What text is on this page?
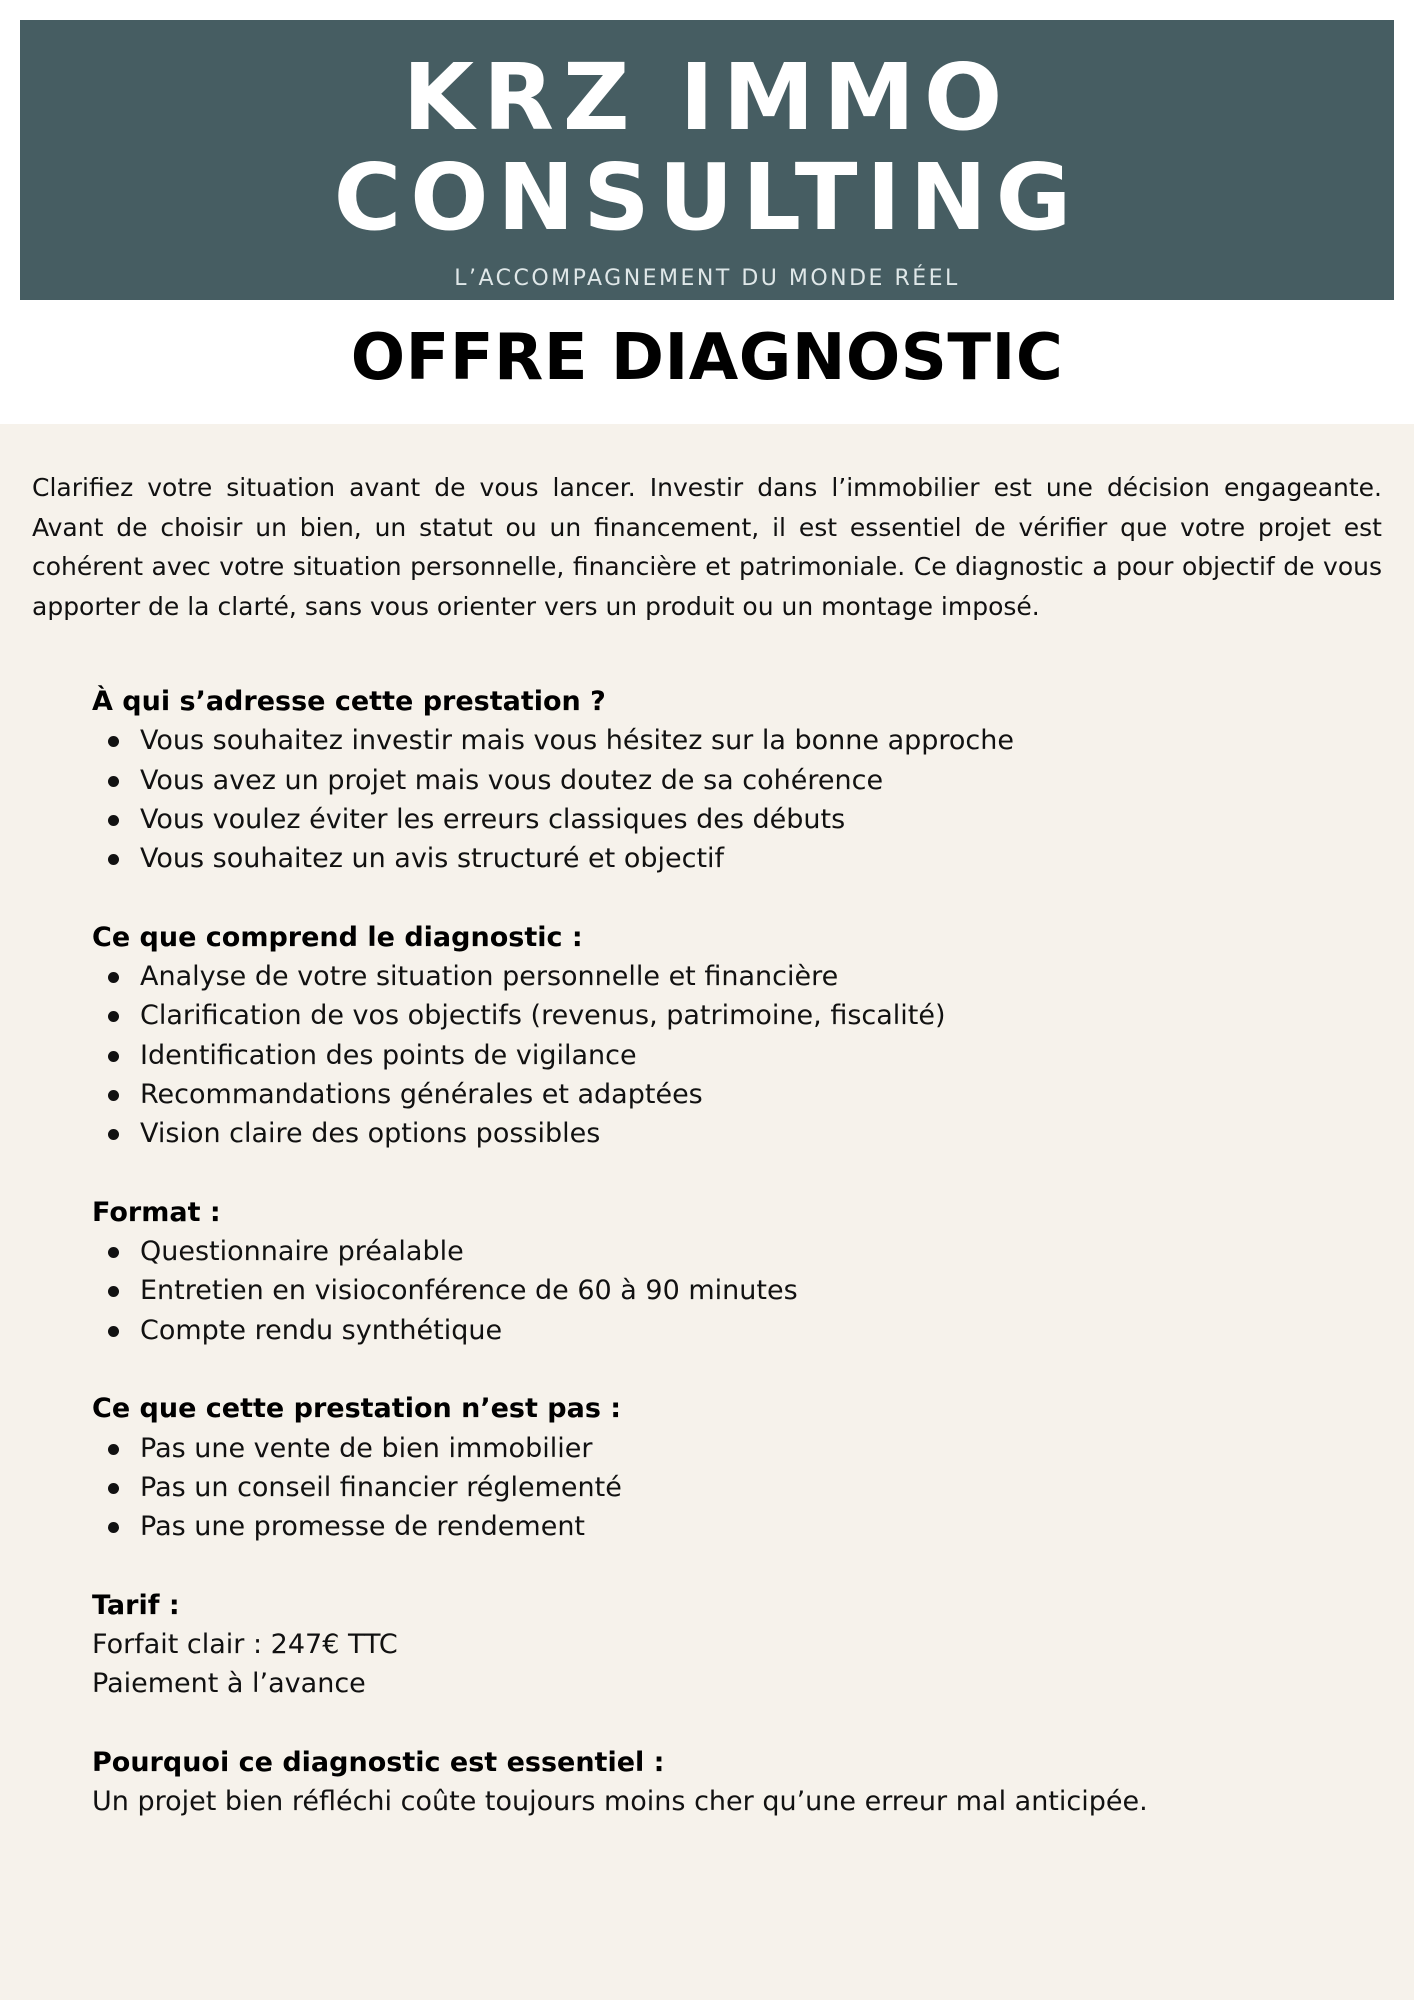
KRZ IMMO
CONSULTING
L’ACCOMPAGNEMENT DU MONDE RÉEL
OFFRE DIAGNOSTIC

Clarifiez votre situation avant de vous lancer. Investir dans l’immobilier est une décision engageante. Avant de choisir un bien, un statut ou un financement, il est essentiel de vérifier que votre projet est cohérent avec votre situation personnelle, financière et patrimoniale. Ce diagnostic a pour objectif de vous apporter de la clarté, sans vous orienter vers un produit ou un montage imposé.

À qui s’adresse cette prestation ?
Vous souhaitez investir mais vous hésitez sur la bonne approche
Vous avez un projet mais vous doutez de sa cohérence
Vous voulez éviter les erreurs classiques des débuts
Vous souhaitez un avis structuré et objectif
Ce que comprend le diagnostic :
Analyse de votre situation personnelle et financière
Clarification de vos objectifs (revenus, patrimoine, fiscalité)
Identification des points de vigilance
Recommandations générales et adaptées
Vision claire des options possibles
Format :
Questionnaire préalable
Entretien en visioconférence de 60 à 90 minutes
Compte rendu synthétique
Ce que cette prestation n’est pas :
Pas une vente de bien immobilier
Pas un conseil financier réglementé
Pas une promesse de rendement
Tarif :
Forfait clair : 247€ TTC
Paiement à l’avance
Pourquoi ce diagnostic est essentiel :
Un projet bien réfléchi coûte toujours moins cher qu’une erreur mal anticipée.
